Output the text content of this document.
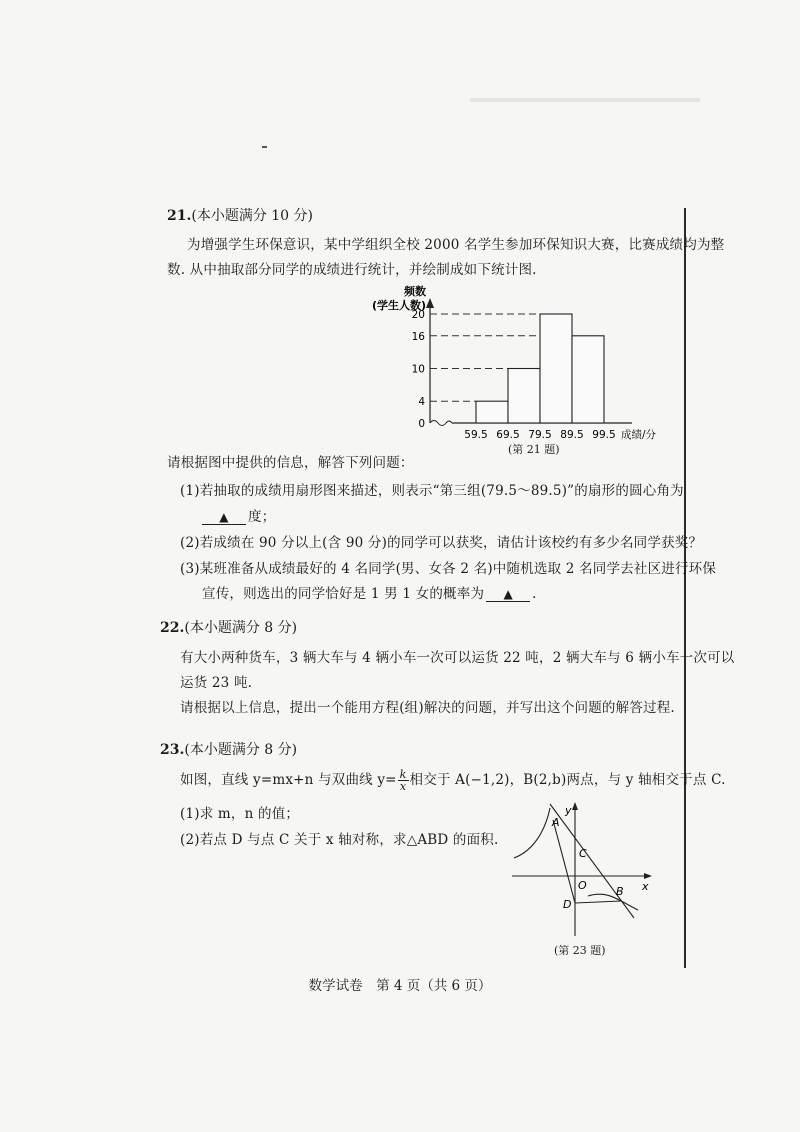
21.(本小题满分 10 分)
为增强学生环保意识，某中学组织全校 2000 名学生参加环保知识大赛，比赛成绩均为整
数. 从中抽取部分同学的成绩进行统计，并绘制成如下统计图.
频数
(学生人数)
0
4
10
16
20
59.5 69.5 79.5 89.5 99.5 成绩/分
(第 21 题)
请根据图中提供的信息，解答下列问题：
(1)若抽取的成绩用扇形图来描述，则表示“第三组(79.5～89.5)”的扇形的圆心角为
▲ 度；
(2)若成绩在 90 分以上(含 90 分)的同学可以获奖，请估计该校约有多少名同学获奖？
(3)某班准备从成绩最好的 4 名同学(男、女各 2 名)中随机选取 2 名同学去社区进行环保
宣传，则选出的同学恰好是 1 男 1 女的概率为 ▲ .
22.(本小题满分 8 分)
有大小两种货车，3 辆大车与 4 辆小车一次可以运货 22 吨，2 辆大车与 6 辆小车一次可以
运货 23 吨.
请根据以上信息，提出一个能用方程(组)解决的问题，并写出这个问题的解答过程.
23.(本小题满分 8 分)
如图，直线 y=mx+n 与双曲线 $y= \frac{k}{x}$ 相交于 A(−1,2)，B(2,b)两点，与 y 轴相交于点 C.
(1)求 m，n 的值；
(2)若点 D 与点 C 关于 x 轴对称，求△ABD 的面积.
y
x
A
C
O	B
D
(第 23 题)
数学试卷　第 4 页（共 6 页）
